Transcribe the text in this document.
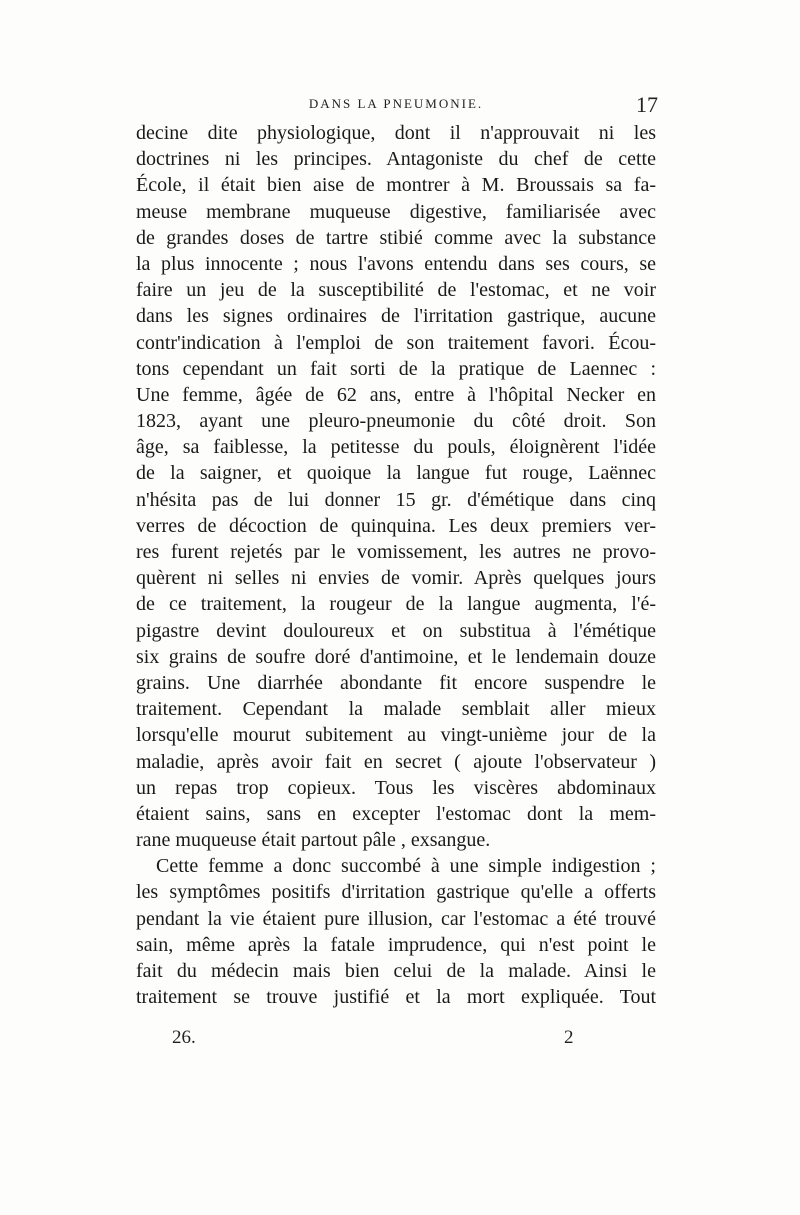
DANS LA PNEUMONIE.	17
decine dite physiologique, dont il n'approuvait ni les
doctrines ni les principes. Antagoniste du chef de cette
École, il était bien aise de montrer à M. Broussais sa fa-
meuse membrane muqueuse digestive, familiarisée avec
de grandes doses de tartre stibié comme avec la substance
la plus innocente ; nous l'avons entendu dans ses cours, se
faire un jeu de la susceptibilité de l'estomac, et ne voir
dans les signes ordinaires de l'irritation gastrique, aucune
contr'indication à l'emploi de son traitement favori. Écou-
tons cependant un fait sorti de la pratique de Laennec :
Une femme, âgée de 62 ans, entre à l'hôpital Necker en
1823, ayant une pleuro-pneumonie du côté droit. Son
âge, sa faiblesse, la petitesse du pouls, éloignèrent l'idée
de la saigner, et quoique la langue fut rouge, Laënnec
n'hésita pas de lui donner 15 gr. d'émétique dans cinq
verres de décoction de quinquina. Les deux premiers ver-
res furent rejetés par le vomissement, les autres ne provo-
quèrent ni selles ni envies de vomir. Après quelques jours
de ce traitement, la rougeur de la langue augmenta, l'é-
pigastre devint douloureux et on substitua à l'émétique
six grains de soufre doré d'antimoine, et le lendemain douze
grains. Une diarrhée abondante fit encore suspendre le
traitement. Cependant la malade semblait aller mieux
lorsqu'elle mourut subitement au vingt-unième jour de la
maladie, après avoir fait en secret ( ajoute l'observateur )
un repas trop copieux. Tous les viscères abdominaux
étaient sains, sans en excepter l'estomac dont la mem-
rane muqueuse était partout pâle , exsangue.
Cette femme a donc succombé à une simple indigestion ;
les symptômes positifs d'irritation gastrique qu'elle a offerts
pendant la vie étaient pure illusion, car l'estomac a été trouvé
sain, même après la fatale imprudence, qui n'est point le
fait du médecin mais bien celui de la malade. Ainsi le
traitement se trouve justifié et la mort expliquée. Tout
26.	2
